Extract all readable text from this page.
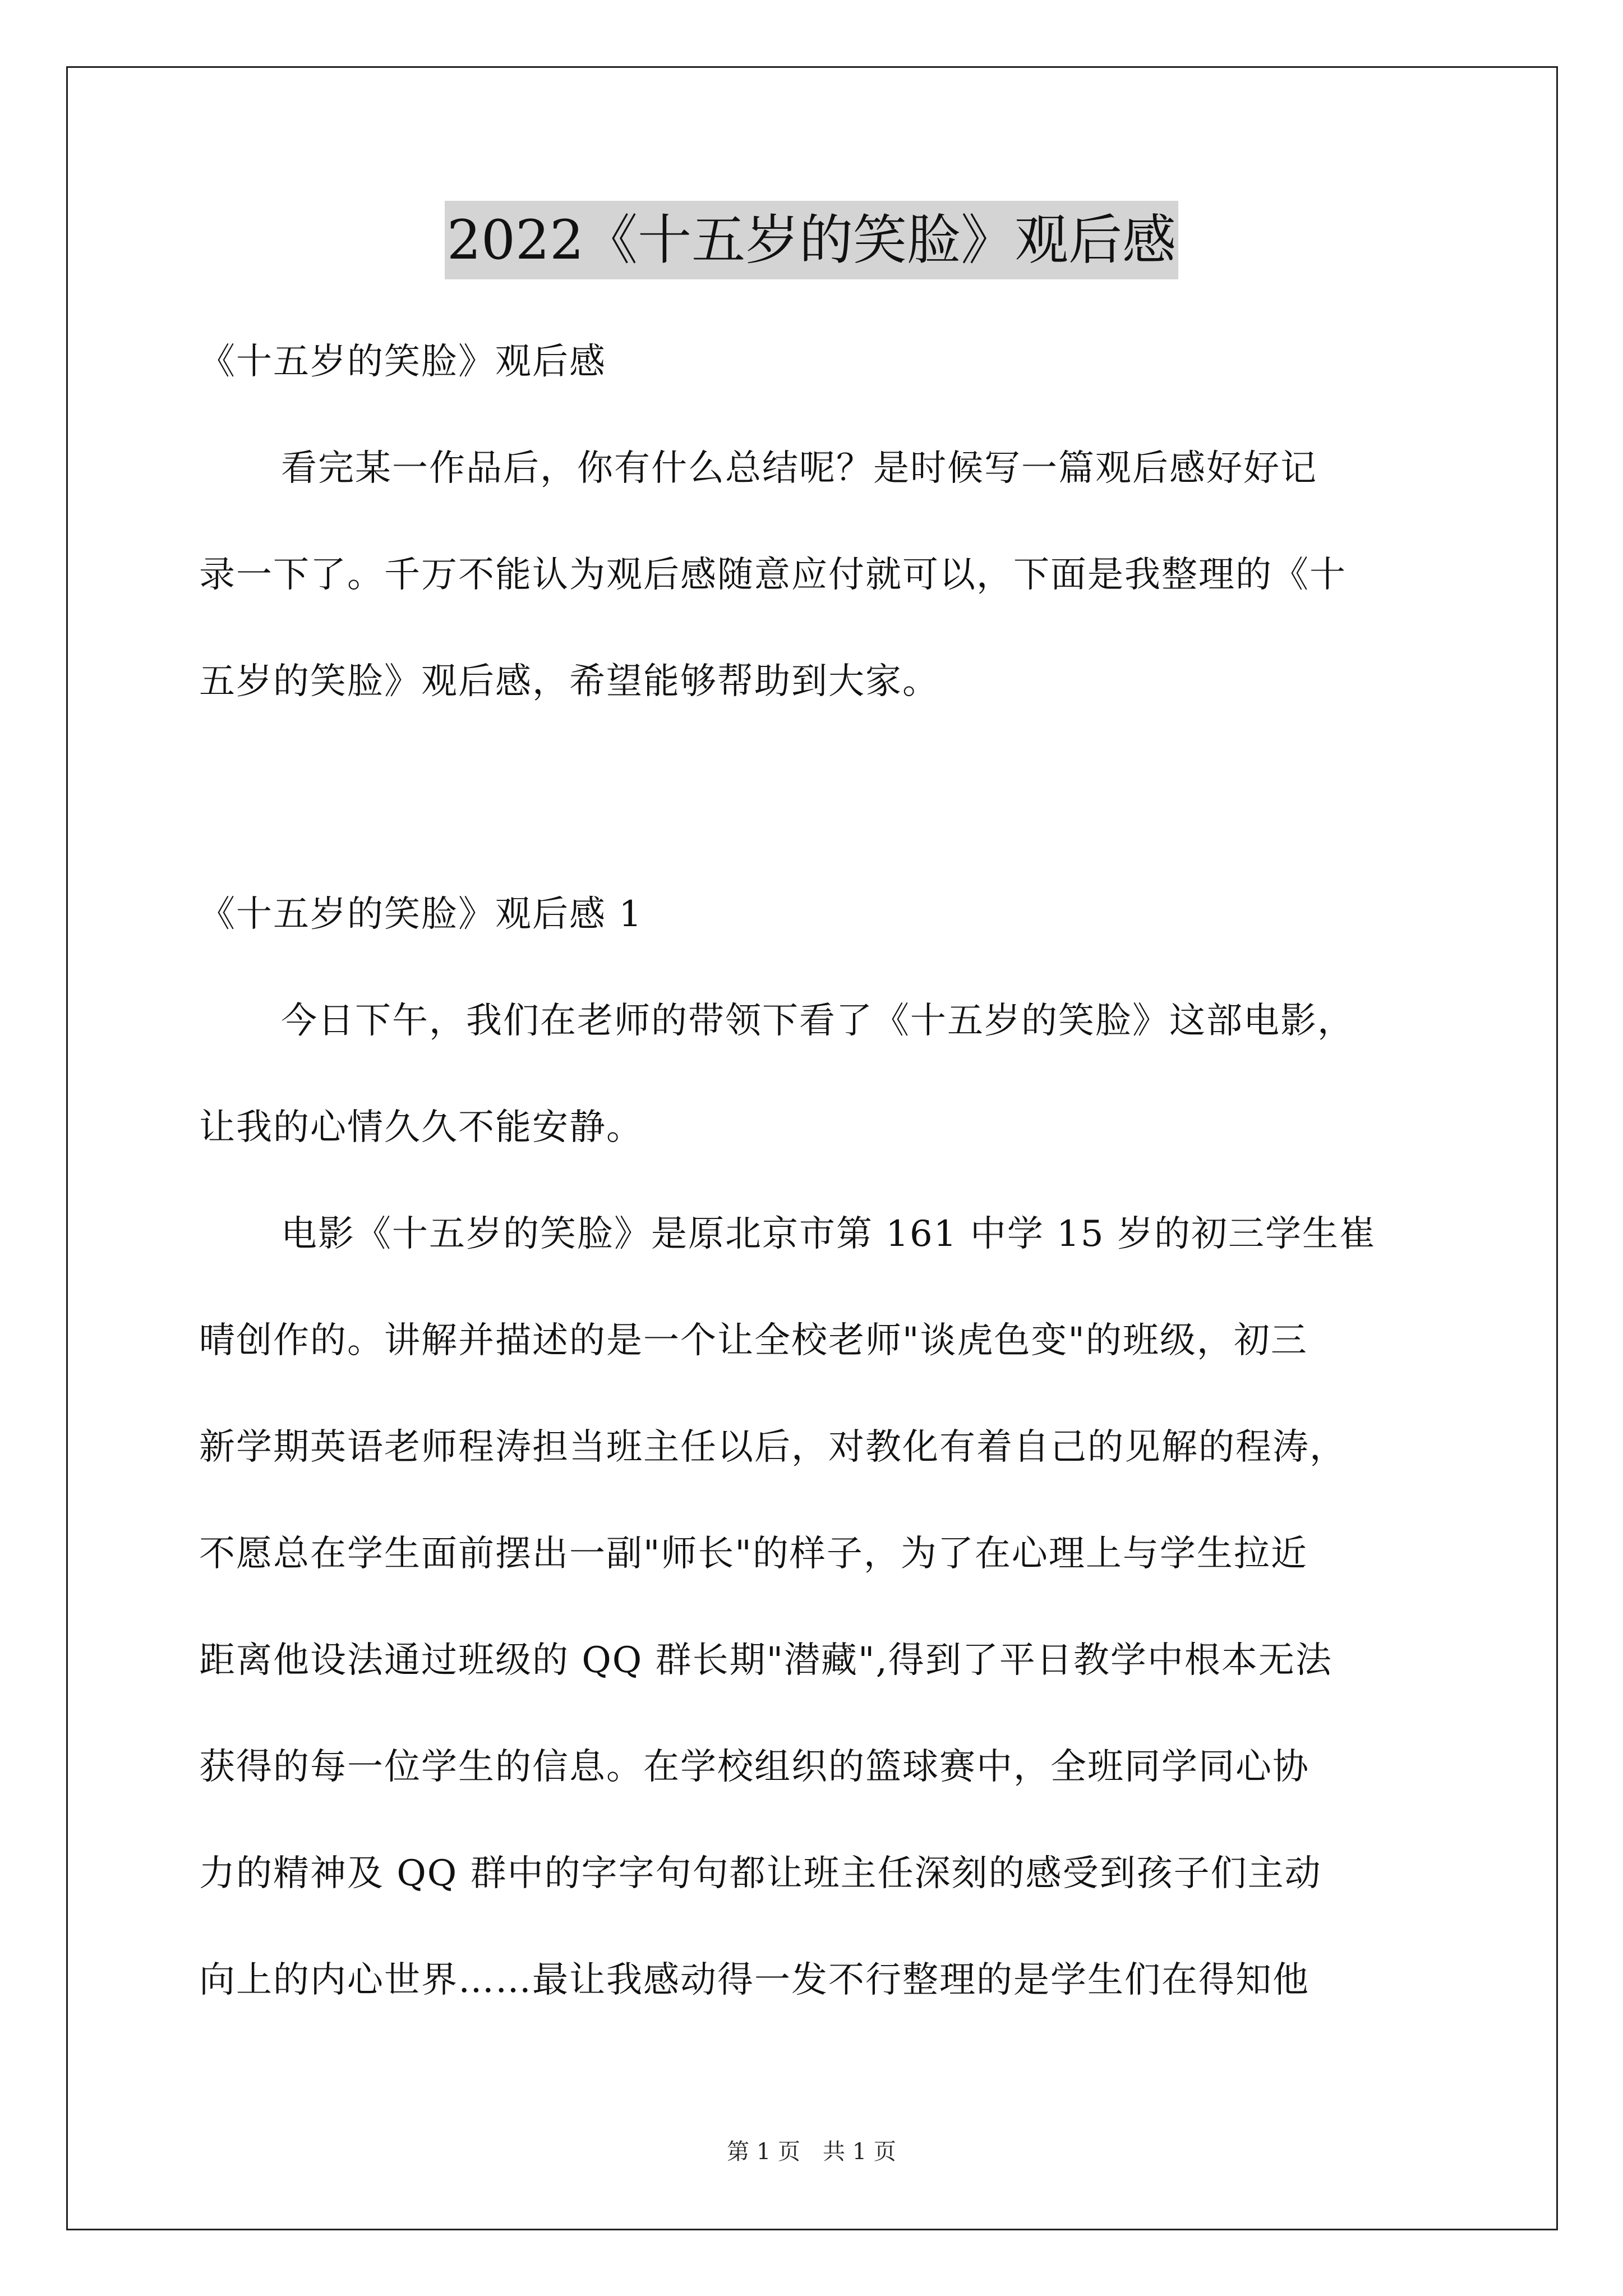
2022《十五岁的笑脸》观后感
《十五岁的笑脸》观后感
看完某一作品后，你有什么总结呢？是时候写一篇观后感好好记
录一下了。千万不能认为观后感随意应付就可以，下面是我整理的《十
五岁的笑脸》观后感，希望能够帮助到大家。
《十五岁的笑脸》观后感 1
今日下午，我们在老师的带领下看了《十五岁的笑脸》这部电影，
让我的心情久久不能安静。
电影《十五岁的笑脸》是原北京市第 161 中学 15 岁的初三学生崔
晴创作的。讲解并描述的是一个让全校老师"谈虎色变"的班级，初三
新学期英语老师程涛担当班主任以后，对教化有着自己的见解的程涛，
不愿总在学生面前摆出一副"师长"的样子，为了在心理上与学生拉近
距离他设法通过班级的 QQ 群长期"潜藏",得到了平日教学中根本无法
获得的每一位学生的信息。在学校组织的篮球赛中，全班同学同心协
力的精神及 QQ 群中的字字句句都让班主任深刻的感受到孩子们主动
向上的内心世界……最让我感动得一发不行整理的是学生们在得知他
第 1 页　共 1 页
